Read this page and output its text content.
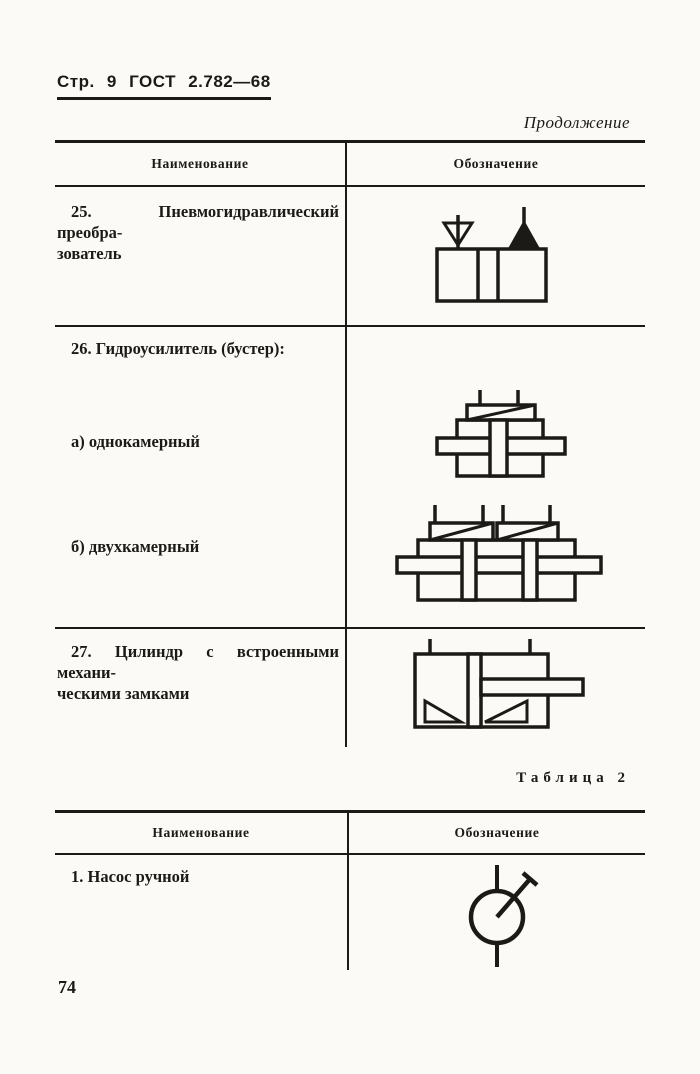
Стр. 9 ГОСТ 2.782—68
Продолжение
Наименование	Обозначение
25. Пневмогидравлический преобра-
зователь
26. Гидроусилитель (бустер):
а) однокамерный
б) двухкамерный
27. Цилиндр с встроенными механи-
ческими замками
Таблица 2
Наименование	Обозначение
1. Насос ручной
74
